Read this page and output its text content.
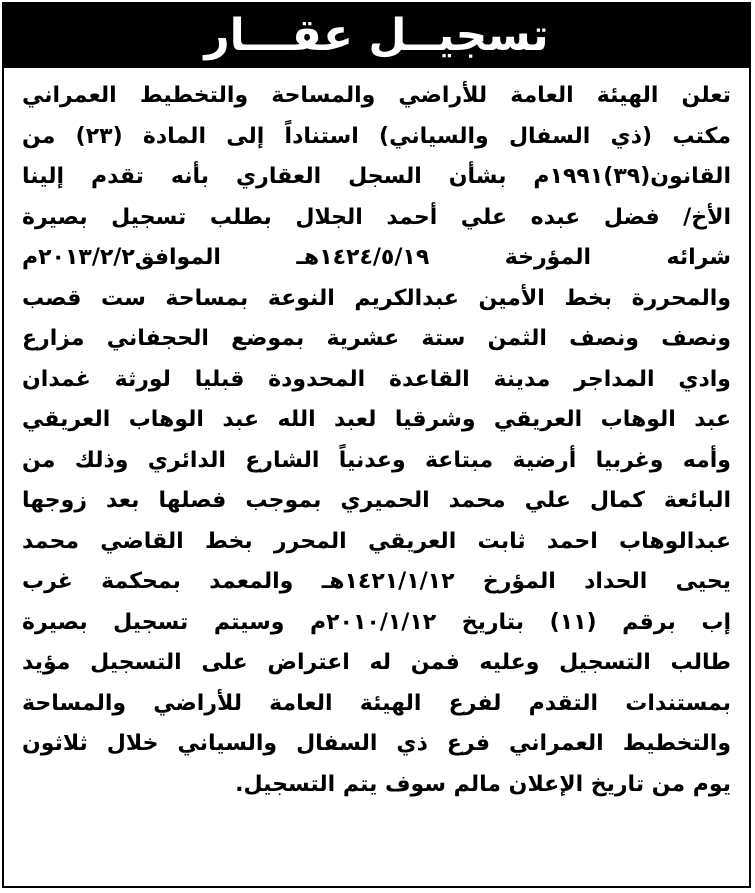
تسجيــل عقـــار
تعلن الهيئة العامة للأراضي والمساحة والتخطيط العمراني
مكتب (ذي السفال والسياني) استناداً إلى المادة (٢٣) من
القانون(٣٩)١٩٩١م بشأن السجل العقاري بأنه تقدم إلينا
الأخ/ فضل عبده علي أحمد الجلال بطلب تسجيل بصيرة
شرائه المؤرخة ١٤٢٤/٥/١٩هـ الموافق٢٠١٣/٢/٢م
والمحررة بخط الأمين عبدالكريم النوعة بمساحة ست قصب
ونصف ونصف الثمن ستة عشرية بموضع الحجفاني مزارع
وادي المداجر مدينة القاعدة المحدودة قبليا لورثة غمدان
عبد الوهاب العريقي وشرقيا لعبد الله عبد الوهاب العريقي
وأمه وغربيا أرضية مبتاعة وعدنياً الشارع الدائري وذلك من
البائعة كمال علي محمد الحميري بموجب فصلها بعد زوجها
عبدالوهاب احمد ثابت العريقي المحرر بخط القاضي محمد
يحيى الحداد المؤرخ ١٤٢١/١/١٢هـ والمعمد بمحكمة غرب
إب برقم (١١) بتاريخ ٢٠١٠/١/١٢م وسيتم تسجيل بصيرة
طالب التسجيل وعليه فمن له اعتراض على التسجيل مؤيد
بمستندات التقدم لفرع الهيئة العامة للأراضي والمساحة
والتخطيط العمراني فرع ذي السفال والسياني خلال ثلاثون
يوم من تاريخ الإعلان مالم سوف يتم التسجيل.
